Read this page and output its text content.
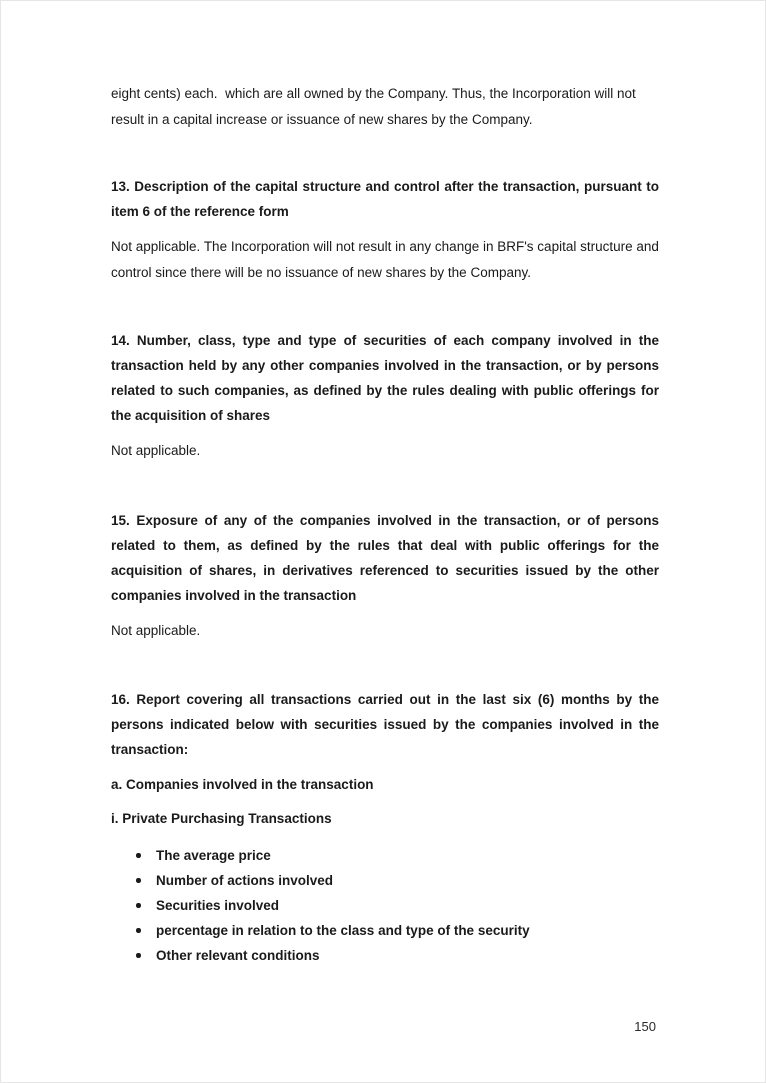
eight cents) each.  which are all owned by the Company. Thus, the Incorporation will not result in a capital increase or issuance of new shares by the Company.

13. Description of the capital structure and control after the transaction, pursuant to item 6 of the reference form

Not applicable. The Incorporation will not result in any change in BRF's capital structure and control since there will be no issuance of new shares by the Company.

14. Number, class, type and type of securities of each company involved in the transaction held by any other companies involved in the transaction, or by persons related to such companies, as defined by the rules dealing with public offerings for the acquisition of shares

Not applicable.

15. Exposure of any of the companies involved in the transaction, or of persons related to them, as defined by the rules that deal with public offerings for the acquisition of shares, in derivatives referenced to securities issued by the other companies involved in the transaction

Not applicable.

16. Report covering all transactions carried out in the last six (6) months by the persons indicated below with securities issued by the companies involved in the transaction:

a. Companies involved in the transaction

i. Private Purchasing Transactions

The average price
Number of actions involved
Securities involved
percentage in relation to the class and type of the security
Other relevant conditions
150
